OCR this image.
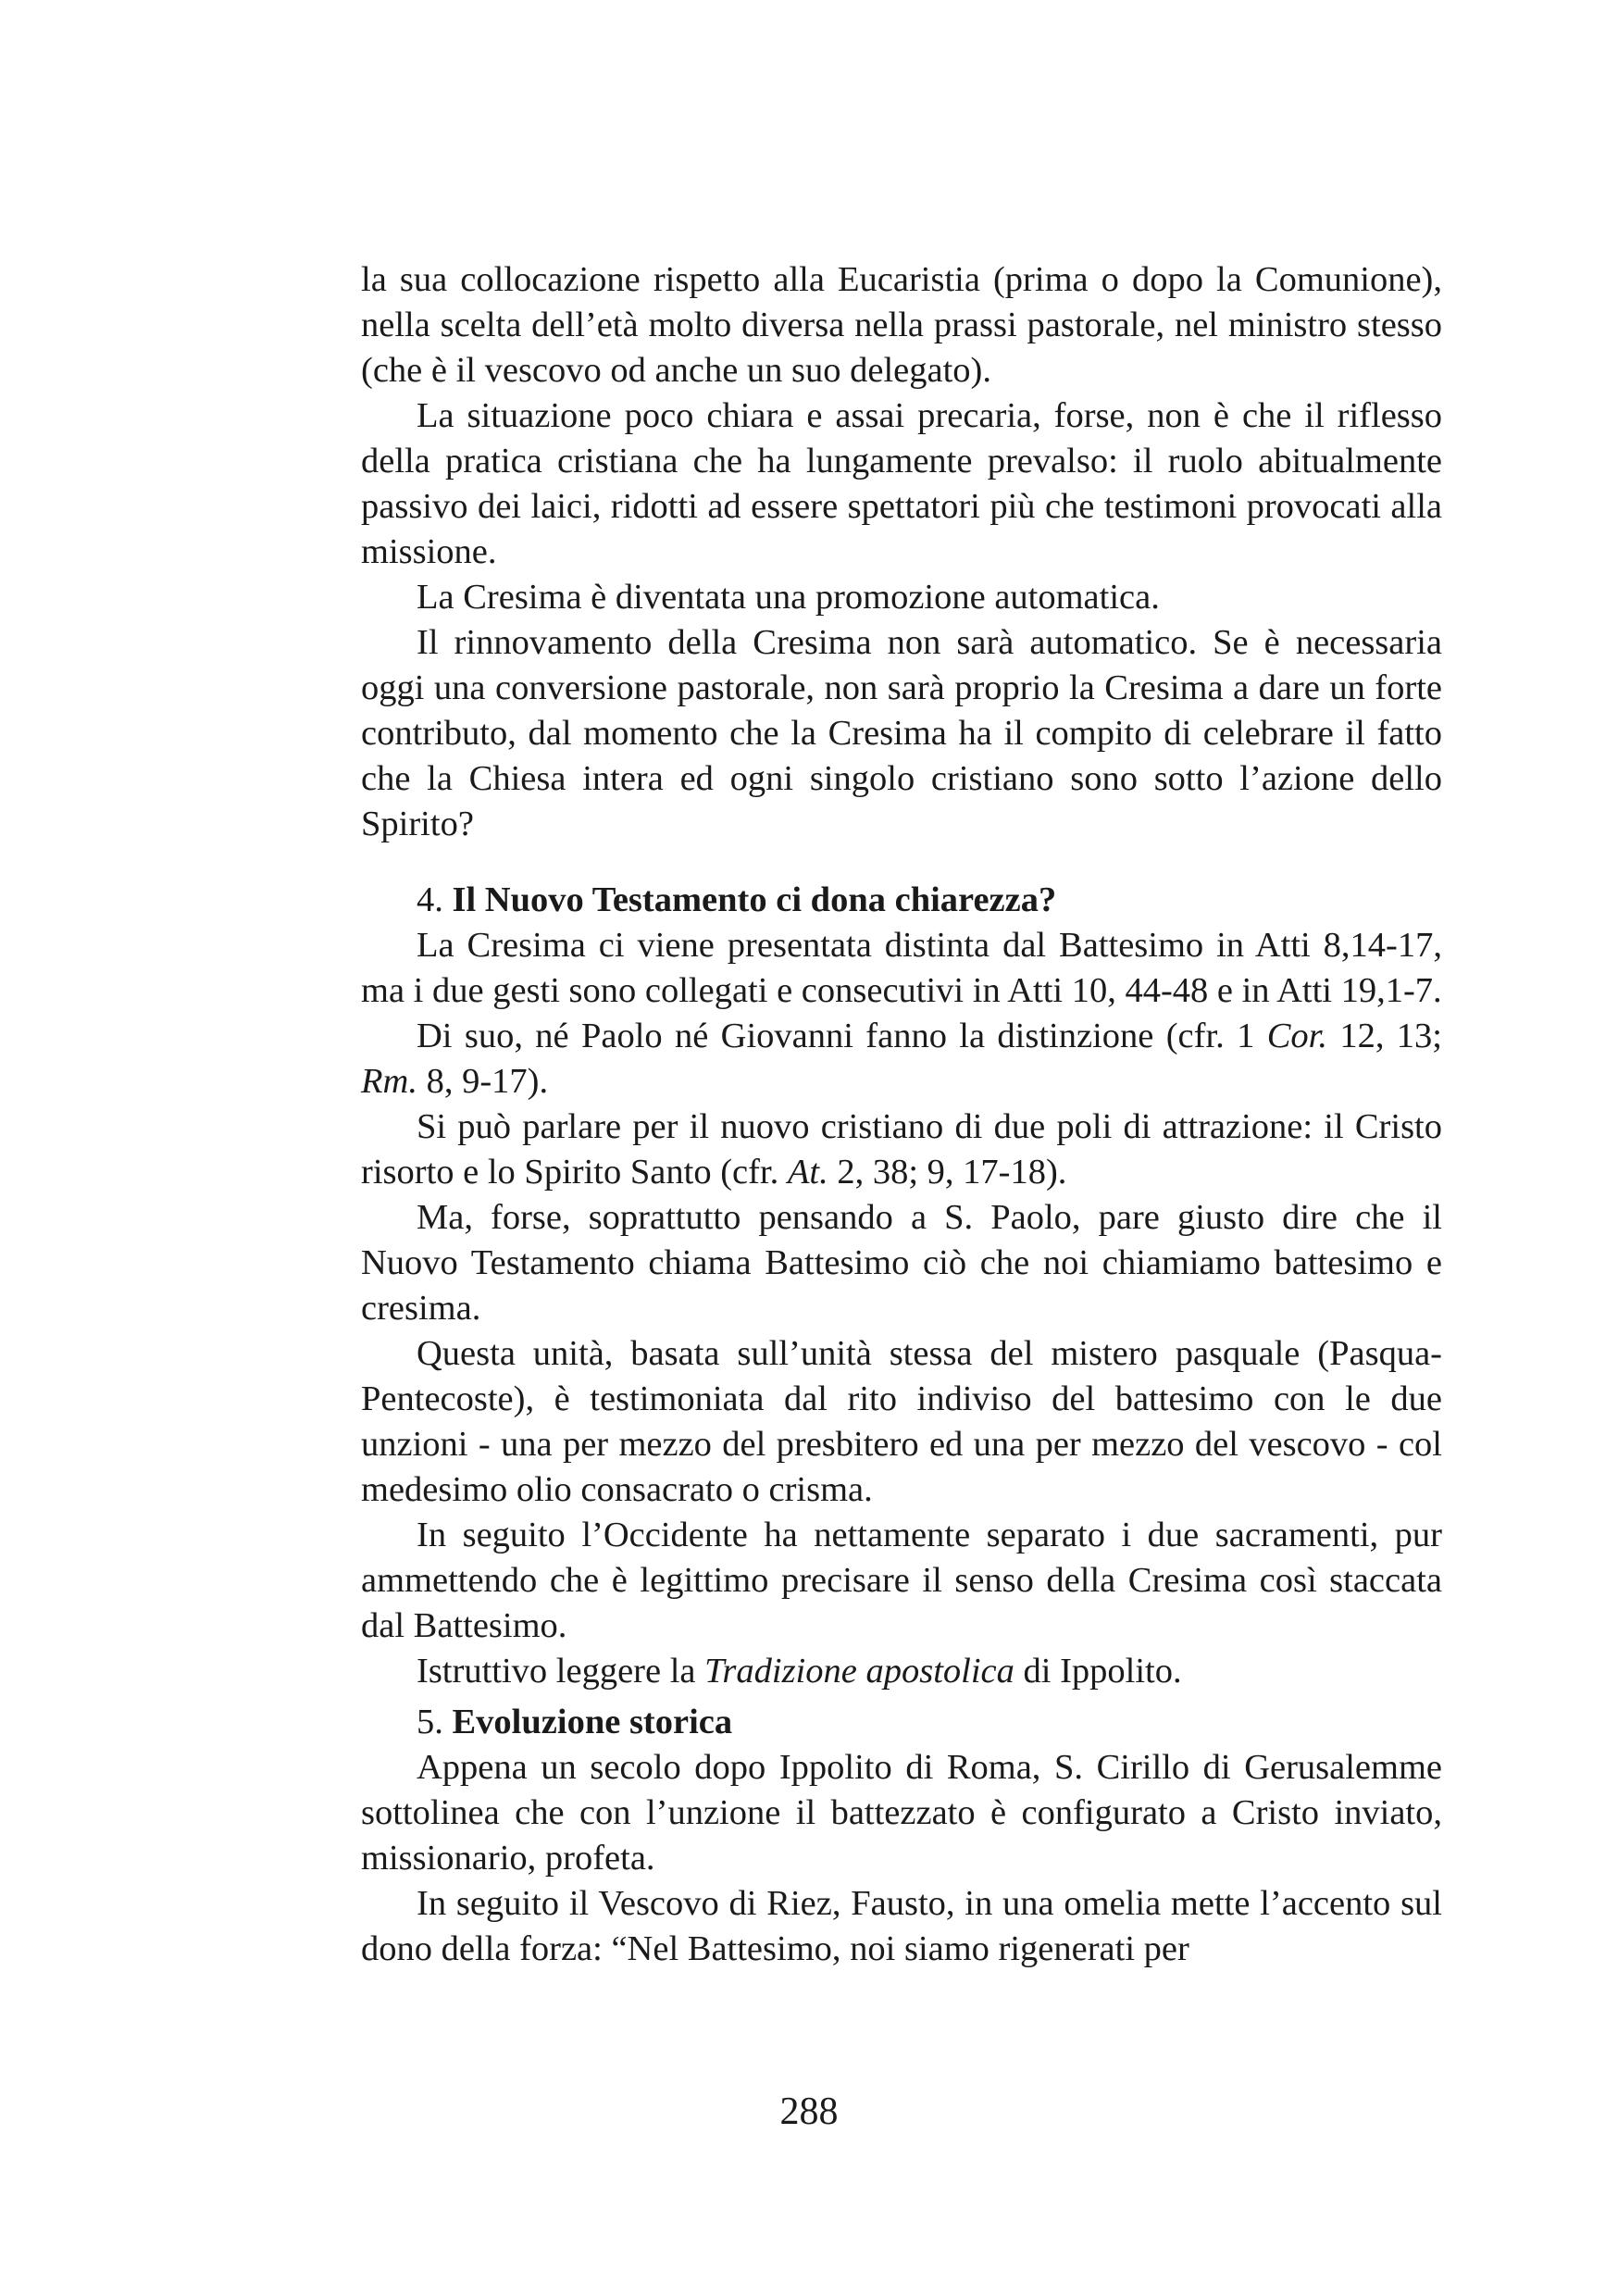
la sua collocazione rispetto alla Eucaristia (prima o dopo la Comunione), nella scelta dell’età molto diversa nella prassi pastorale, nel ministro stesso (che è il vescovo od anche un suo delegato).

La situazione poco chiara e assai precaria, forse, non è che il riflesso della pratica cristiana che ha lungamente prevalso: il ruolo abitualmente passivo dei laici, ridotti ad essere spettatori più che testimoni provocati alla missione.

La Cresima è diventata una promozione automatica.

Il rinnovamento della Cresima non sarà automatico. Se è necessaria oggi una conversione pastorale, non sarà proprio la Cresima a dare un forte contributo, dal momento che la Cresima ha il compito di celebrare il fatto che la Chiesa intera ed ogni singolo cristiano sono sotto l’azione dello Spirito?

4. Il Nuovo Testamento ci dona chiarezza?

La Cresima ci viene presentata distinta dal Battesimo in Atti 8,14-17, ma i due gesti sono collegati e consecutivi in Atti 10, 44-48 e in Atti 19,1-7.

Di suo, né Paolo né Giovanni fanno la distinzione (cfr. 1 Cor. 12, 13; Rm. 8, 9-17).

Si può parlare per il nuovo cristiano di due poli di attrazione: il Cristo risorto e lo Spirito Santo (cfr. At. 2, 38; 9, 17-18).

Ma, forse, soprattutto pensando a S. Paolo, pare giusto dire che il Nuovo Testamento chiama Battesimo ciò che noi chiamiamo battesimo e cresima.

Questa unità, basata sull’unità stessa del mistero pasquale (Pasqua-Pentecoste), è testimoniata dal rito indiviso del battesimo con le due unzioni - una per mezzo del presbitero ed una per mezzo del vescovo - col medesimo olio consacrato o crisma.

In seguito l’Occidente ha nettamente separato i due sacramenti, pur ammettendo che è legittimo precisare il senso della Cresima così staccata dal Battesimo.

Istruttivo leggere la Tradizione apostolica di Ippolito.

5. Evoluzione storica

Appena un secolo dopo Ippolito di Roma, S. Cirillo di Gerusalemme sottolinea che con l’unzione il battezzato è configurato a Cristo inviato, missionario, profeta.

In seguito il Vescovo di Riez, Fausto, in una omelia mette l’accento sul dono della forza: “Nel Battesimo, noi siamo rigenerati per

288
